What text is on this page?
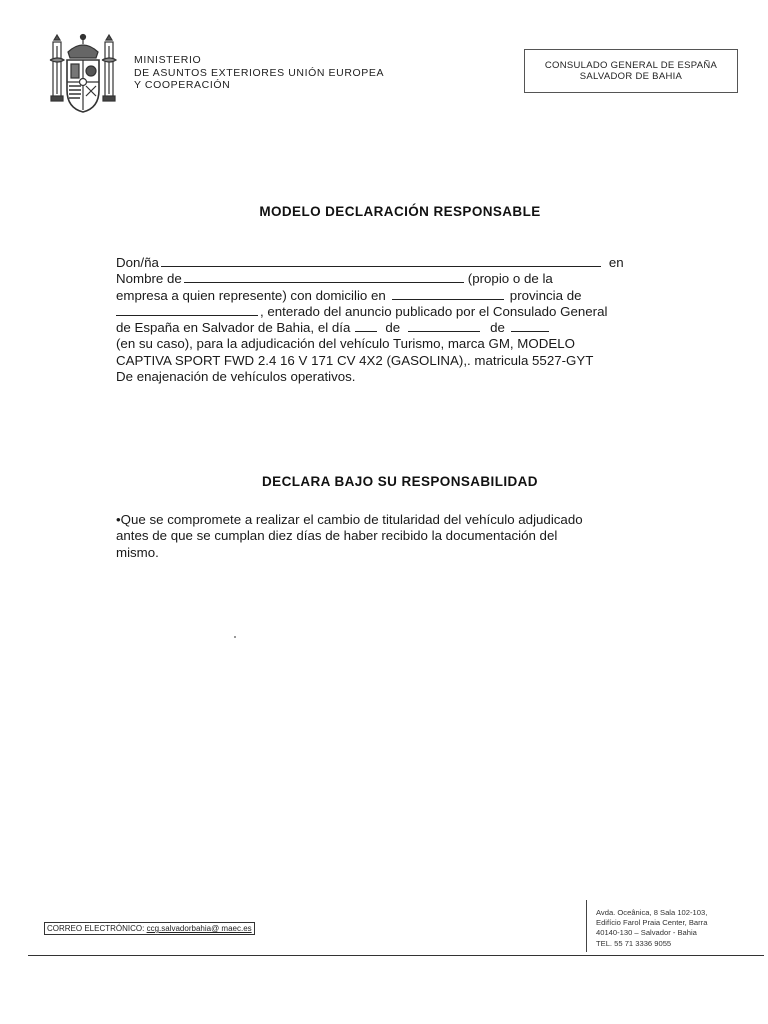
MINISTERIO
DE ASUNTOS EXTERIORES UNIÓN EUROPEA
Y COOPERACIÓN
CONSULADO GENERAL DE ESPAÑA
SALVADOR DE BAHIA
MODELO DECLARACIÓN RESPONSABLE
Don/ña	en
Nombre de	(propio o de la
empresa a quien represente) con domicilio en	provincia de
, enterado del anuncio publicado por el Consulado General
de España en Salvador de Bahia, el día	de	de
(en su caso), para la adjudicación del vehículo Turismo, marca GM, MODELO
CAPTIVA SPORT FWD 2.4 16 V 171 CV 4X2 (GASOLINA),. matricula 5527-GYT
De enajenación de vehículos operativos.
DECLARA BAJO SU RESPONSABILIDAD
•Que se compromete a realizar el cambio de titularidad del vehículo adjudicado
antes de que se cumplan diez días de haber recibido la documentación del
mismo.
CORREO ELECTRÓNICO: ccg.salvadorbahia@ maec.es
Avda. Oceânica, 8 Sala 102-103,
Edifício Farol Praia Center, Barra
40140-130 – Salvador - Bahia
TEL. 55 71 3336 9055
